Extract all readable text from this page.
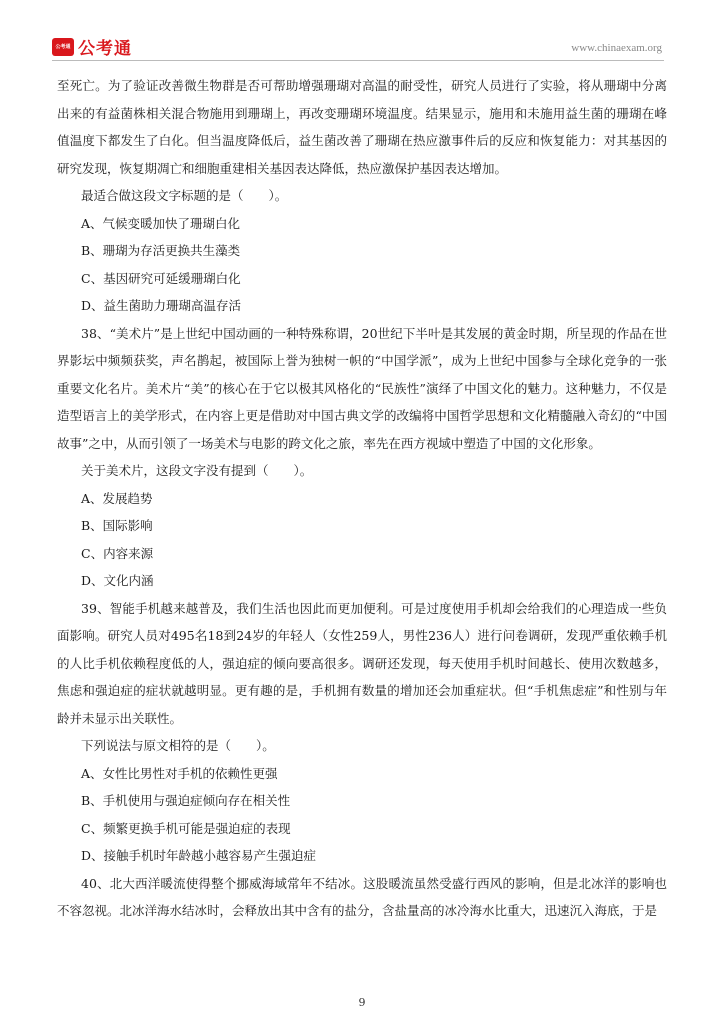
公考通 公考通	www.chinaexam.org

至死亡。为了验证改善微生物群是否可帮助增强珊瑚对高温的耐受性，研究人员进行了实验，将从珊瑚中分离出来的有益菌株相关混合物施用到珊瑚上，再改变珊瑚环境温度。结果显示，施用和未施用益生菌的珊瑚在峰值温度下都发生了白化。但当温度降低后，益生菌改善了珊瑚在热应激事件后的反应和恢复能力：对其基因的研究发现，恢复期凋亡和细胞重建相关基因表达降低，热应激保护基因表达增加。

最适合做这段文字标题的是（　　）。

A、气候变暖加快了珊瑚白化

B、珊瑚为存活更换共生藻类

C、基因研究可延缓珊瑚白化

D、益生菌助力珊瑚高温存活

38、“美术片”是上世纪中国动画的一种特殊称谓，20世纪下半叶是其发展的黄金时期，所呈现的作品在世界影坛中频频获奖，声名鹊起，被国际上誉为独树一帜的“中国学派”，成为上世纪中国参与全球化竞争的一张重要文化名片。美术片“美”的核心在于它以极其风格化的“民族性”演绎了中国文化的魅力。这种魅力，不仅是造型语言上的美学形式，在内容上更是借助对中国古典文学的改编将中国哲学思想和文化精髓融入奇幻的“中国故事”之中，从而引领了一场美术与电影的跨文化之旅，率先在西方视域中塑造了中国的文化形象。

关于美术片，这段文字没有提到（　　）。

A、发展趋势

B、国际影响

C、内容来源

D、文化内涵

39、智能手机越来越普及，我们生活也因此而更加便利。可是过度使用手机却会给我们的心理造成一些负面影响。研究人员对495名18到24岁的年轻人（女性259人，男性236人）进行问卷调研，发现严重依赖手机的人比手机依赖程度低的人，强迫症的倾向要高很多。调研还发现，每天使用手机时间越长、使用次数越多，焦虑和强迫症的症状就越明显。更有趣的是，手机拥有数量的增加还会加重症状。但“手机焦虑症”和性别与年龄并未显示出关联性。

下列说法与原文相符的是（　　）。

A、女性比男性对手机的依赖性更强

B、手机使用与强迫症倾向存在相关性

C、频繁更换手机可能是强迫症的表现

D、接触手机时年龄越小越容易产生强迫症

40、北大西洋暖流使得整个挪威海域常年不结冰。这股暖流虽然受盛行西风的影响，但是北冰洋的影响也不容忽视。北冰洋海水结冰时，会释放出其中含有的盐分，含盐量高的冰冷海水比重大，迅速沉入海底，于是

9
